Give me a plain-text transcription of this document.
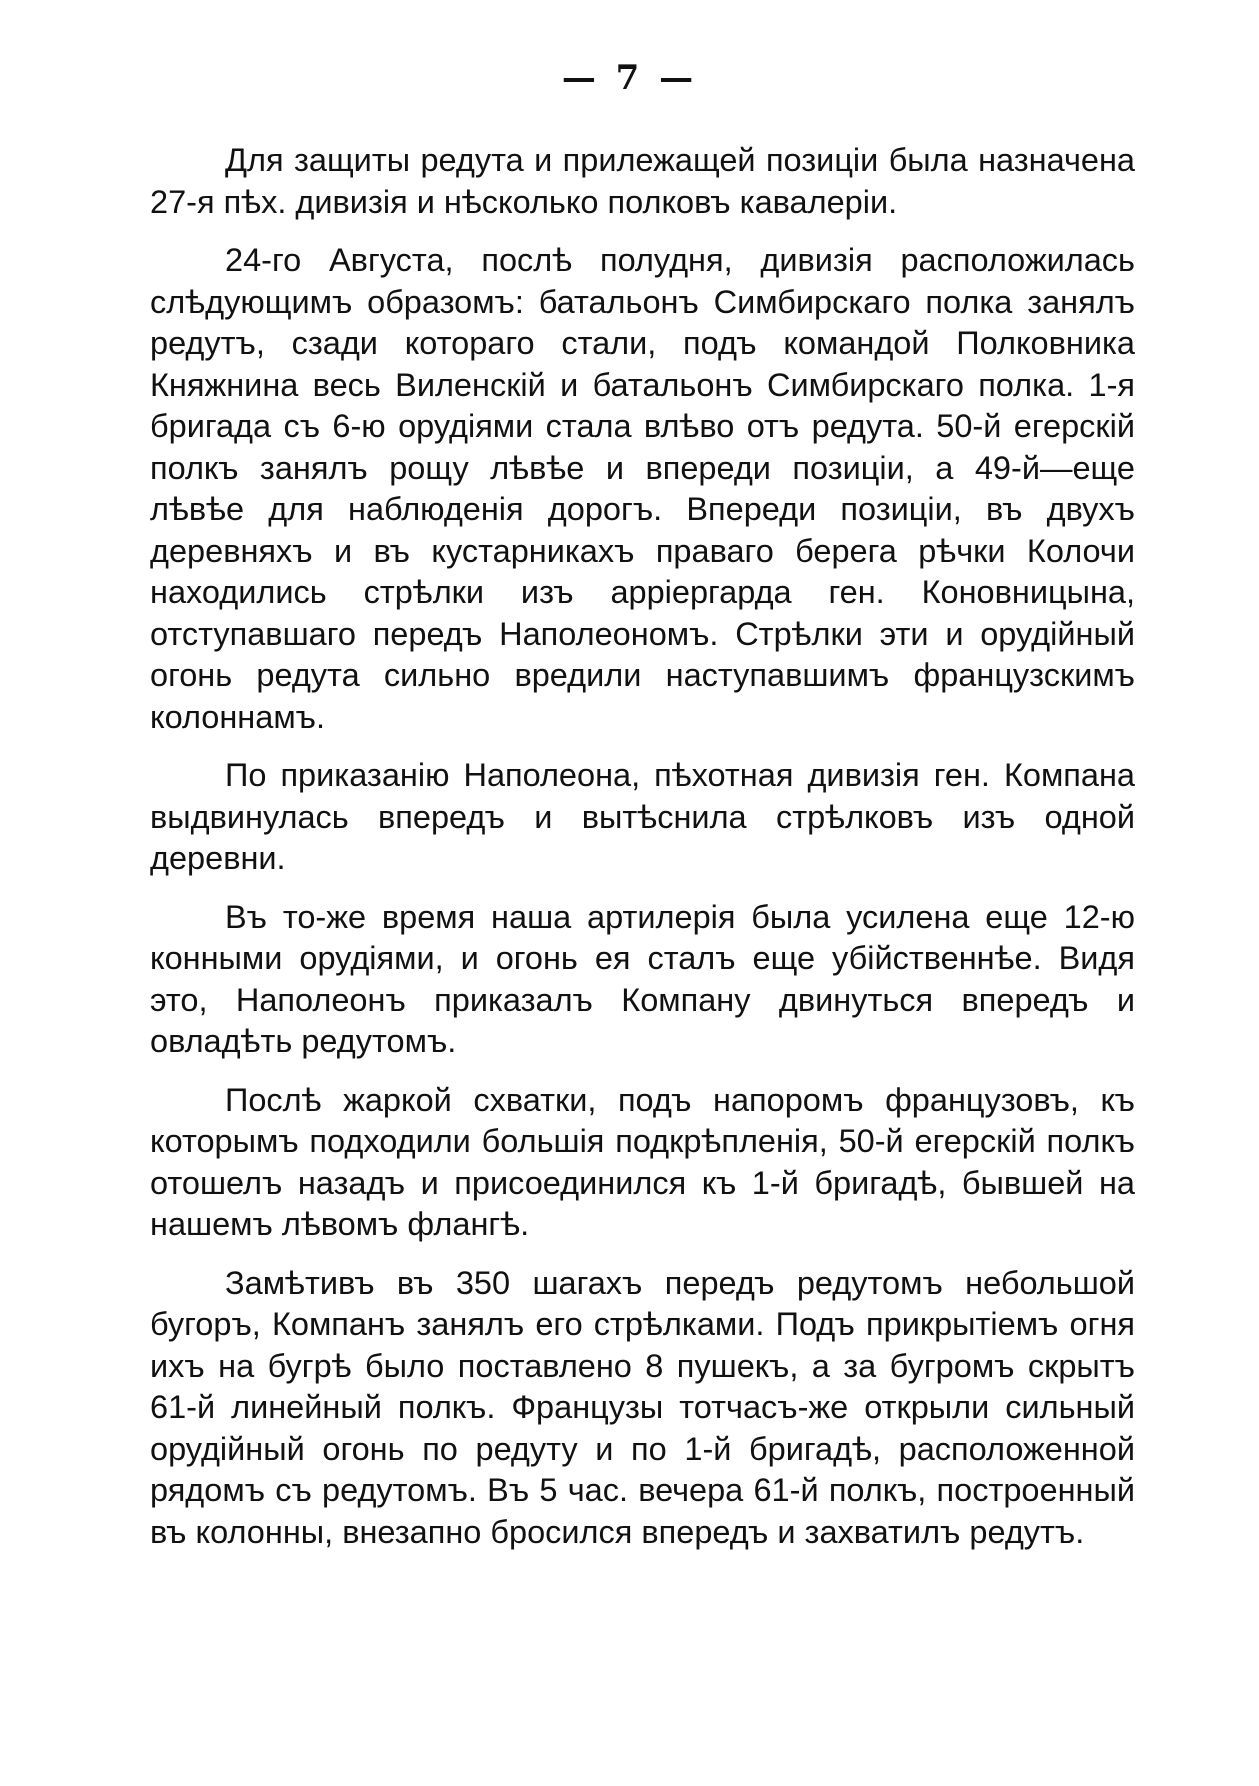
— 7 —

Для защиты редута и прилежащей позиціи была назначена 27-я пѣх. дивизія и нѣсколько полковъ кавалеріи.

24-го Августа, послѣ полудня, дивизія расположилась слѣдующимъ образомъ: батальонъ Симбирскаго полка занялъ редутъ, сзади котораго стали, подъ командой Полковника Княжнина весь Виленскій и батальонъ Симбирскаго полка. 1-я бригада съ 6-ю орудіями стала влѣво отъ редута. 50-й егерскій полкъ занялъ рощу лѣвѣе и впереди позиціи, а 49-й—еще лѣвѣе для наблюденія дорогъ. Впереди позиціи, въ двухъ деревняхъ и въ кустарникахъ праваго берега рѣчки Колочи находились стрѣлки изъ арріергарда ген. Коновницына, отступавшаго передъ Наполеономъ. Стрѣлки эти и орудійный огонь редута сильно вредили наступавшимъ французскимъ колоннамъ.

По приказанію Наполеона, пѣхотная дивизія ген. Компана выдвинулась впередъ и вытѣснила стрѣлковъ изъ одной деревни.

Въ то-же время наша артилерія была усилена еще 12-ю конными орудіями, и огонь ея сталъ еще убійственнѣе. Видя это, Наполеонъ приказалъ Компану двинуться впередъ и овладѣть редутомъ.

Послѣ жаркой схватки, подъ напоромъ французовъ, къ которымъ подходили большія подкрѣпленія, 50-й егерскій полкъ отошелъ назадъ и присоединился къ 1-й бригадѣ, бывшей на нашемъ лѣвомъ флангѣ.

Замѣтивъ въ 350 шагахъ передъ редутомъ небольшой бугоръ, Компанъ занялъ его стрѣлками. Подъ прикрытіемъ огня ихъ на бугрѣ было поставлено 8 пушекъ, а за бугромъ скрытъ 61-й линейный полкъ. Французы тотчасъ-же открыли сильный орудійный огонь по редуту и по 1-й бригадѣ, расположенной рядомъ съ редутомъ. Въ 5 час. вечера 61-й полкъ, построенный въ колонны, внезапно бросился впередъ и захватилъ редутъ.
